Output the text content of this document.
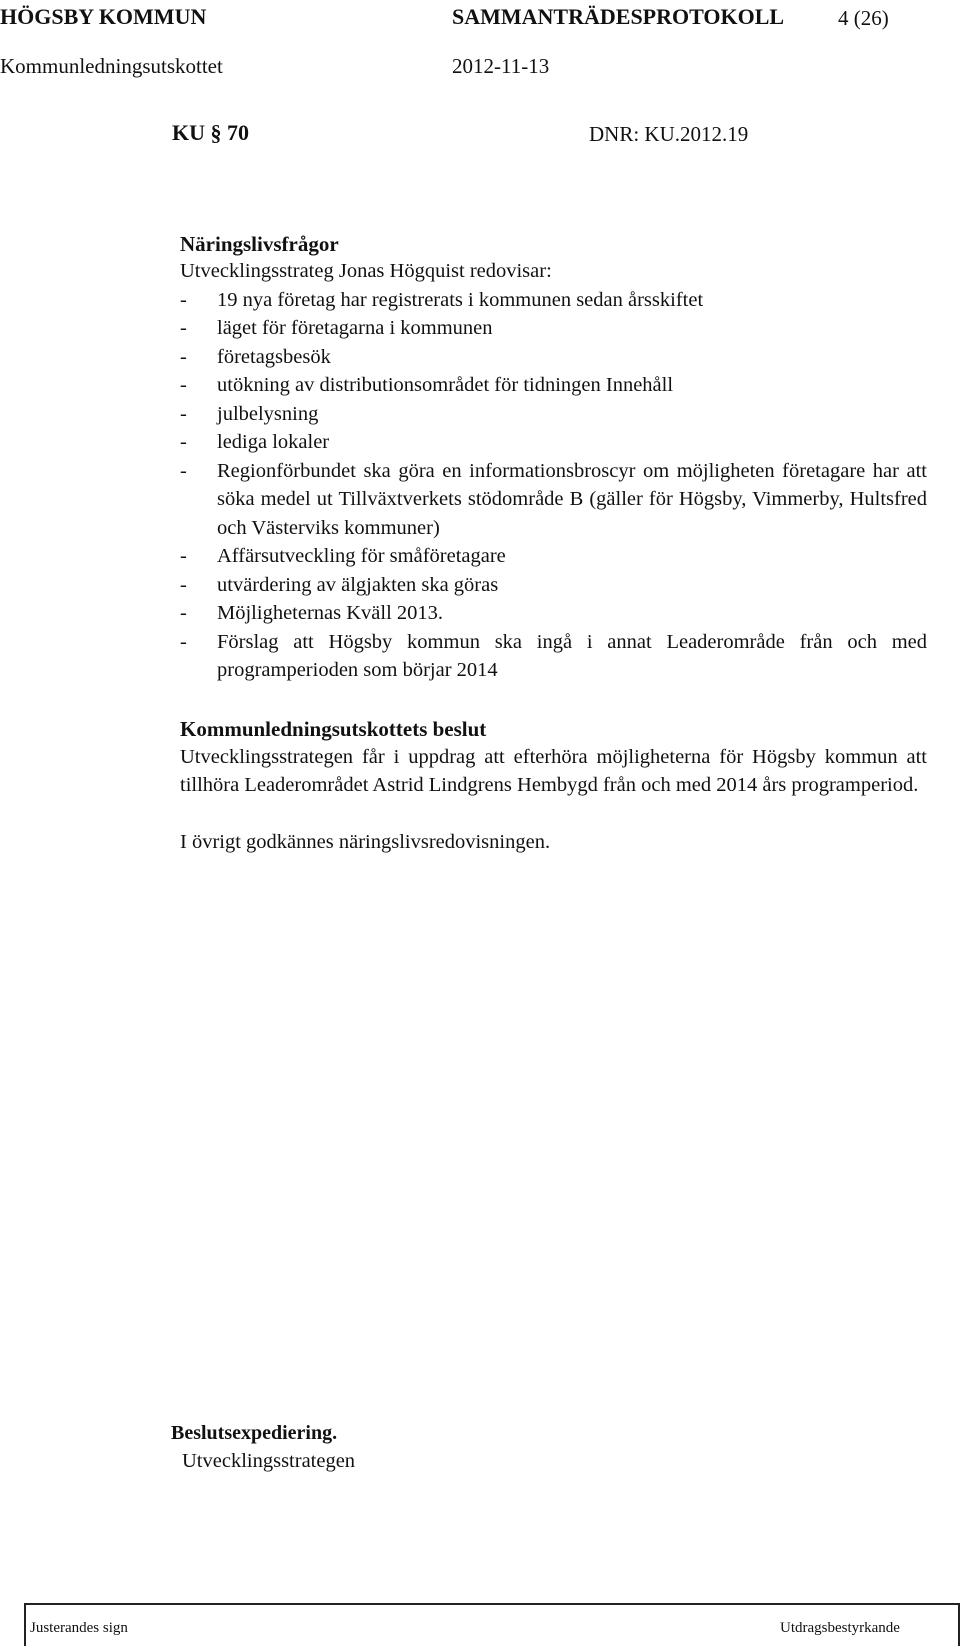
HÖGSBY KOMMUN	SAMMANTRÄDESPROTOKOLL	4 (26)
Kommunledningsutskottet	2012-11-13
KU § 70	DNR: KU.2012.19
Näringslivsfrågor

Utvecklingsstrateg Jonas Högquist redovisar:

- 19 nya företag har registrerats i kommunen sedan årsskiftet
- läget för företagarna i kommunen
- företagsbesök
- utökning av distributionsområdet för tidningen Innehåll
- julbelysning
- lediga lokaler
- Regionförbundet ska göra en informationsbroscyr om möjligheten företagare har att söka medel ut Tillväxtverkets stödområde B (gäller för Högsby, Vimmerby, Hultsfred och Västerviks kommuner)
- Affärsutveckling för småföretagare
- utvärdering av älgjakten ska göras
- Möjligheternas Kväll 2013.
- Förslag att Högsby kommun ska ingå i annat Leaderområde från och med programperioden som börjar 2014
Kommunledningsutskottets beslut

Utvecklingsstrategen får i uppdrag att efterhöra möjligheterna för Högsby kommun att tillhöra Leaderområdet Astrid Lindgrens Hembygd från och med 2014 års programperiod.

I övrigt godkännes näringslivsredovisningen.

Beslutsexpediering.
Utvecklingsstrategen
Justerandes sign	Utdragsbestyrkande
